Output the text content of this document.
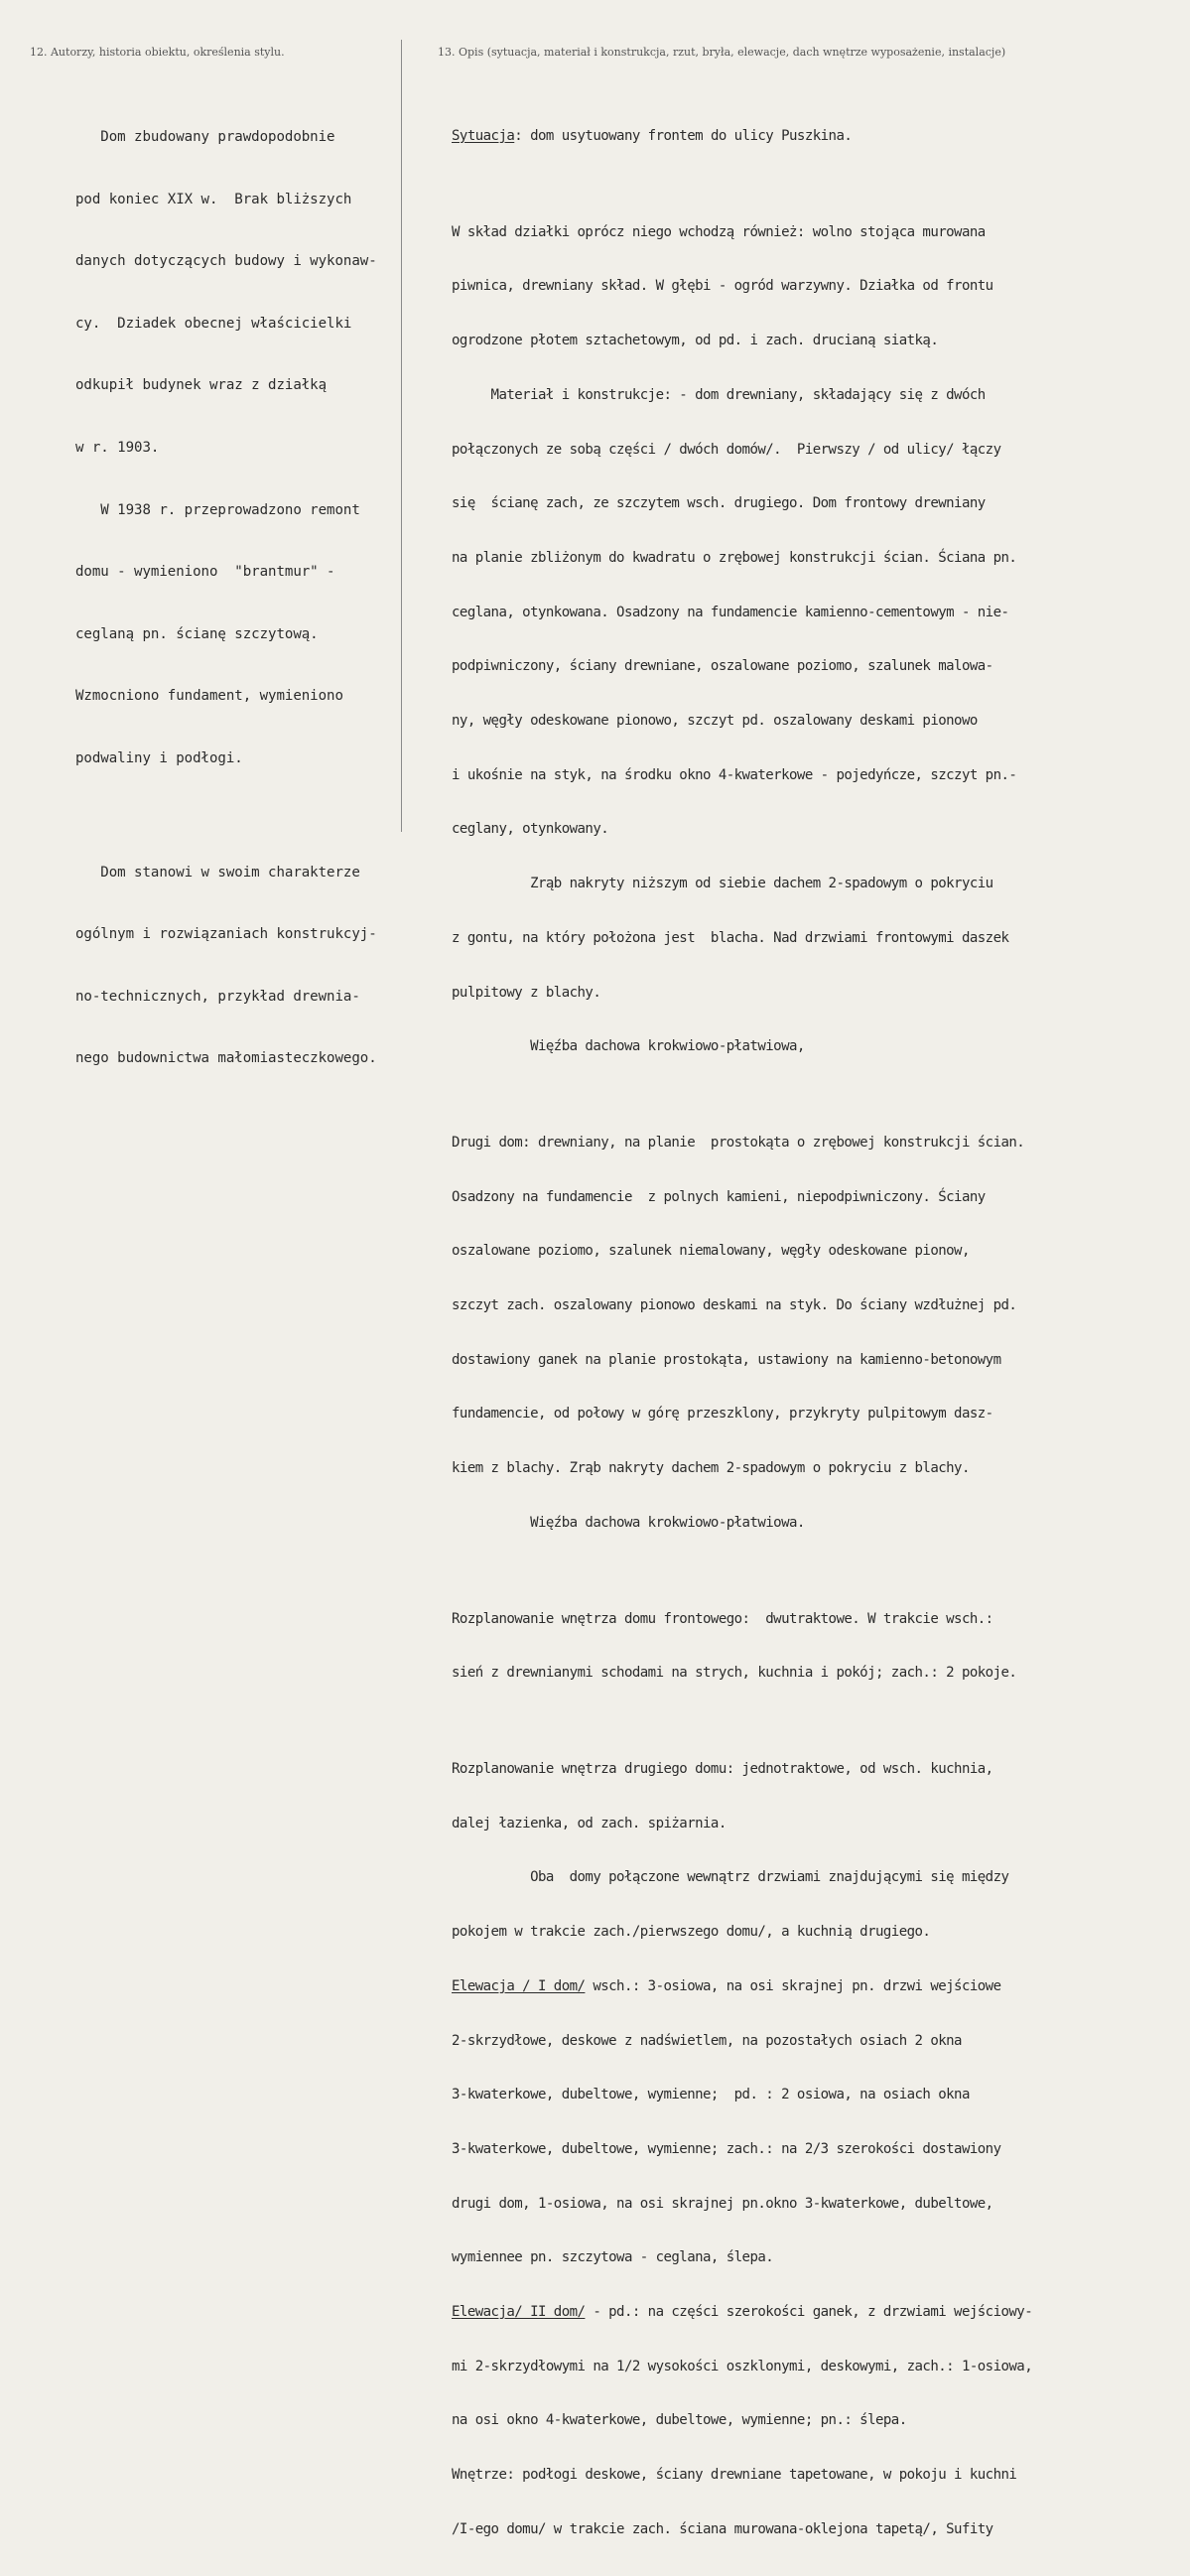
12. Autorzy, historia obiektu, określenia stylu.	13. Opis (sytuacja, materiał i konstrukcja, rzut, bryła, elewacje, dach wnętrze wyposażenie, instalacje)

Dom zbudowany prawdopodobnie

pod koniec XIX w.  Brak bliższych

danych dotyczących budowy i wykonaw-

cy.  Dziadek obecnej właścicielki

odkupił budynek wraz z działką

w r. 1903.

W 1938 r. przeprowadzono remont

domu - wymieniono  "brantmur" -

ceglaną pn. ścianę szczytową.

Wzmocniono fundament, wymieniono

podwaliny i podłogi.

Dom stanowi w swoim charakterze

ogólnym i rozwiązaniach konstrukcyj-

no-technicznych, przykład drewnia-

nego budownictwa małomiasteczkowego.

Sytuacja: dom usytuowany frontem do ulicy Puszkina.

W skład działki oprócz niego wchodzą również: wolno stojąca murowana

piwnica, drewniany skład. W głębi - ogród warzywny. Działka od frontu

ogrodzone płotem sztachetowym, od pd. i zach. drucianą siatką.

Materiał i konstrukcje: - dom drewniany, składający się z dwóch

połączonych ze sobą części / dwóch domów/.  Pierwszy / od ulicy/ łączy

się  ścianę zach, ze szczytem wsch. drugiego. Dom frontowy drewniany

na planie zbliżonym do kwadratu o zrębowej konstrukcji ścian. Ściana pn.

ceglana, otynkowana. Osadzony na fundamencie kamienno-cementowym - nie-

podpiwniczony, ściany drewniane, oszalowane poziomo, szalunek malowa-

ny, węgły odeskowane pionowo, szczyt pd. oszalowany deskami pionowo

i ukośnie na styk, na środku okno 4-kwaterkowe - pojedyńcze, szczyt pn.-

ceglany, otynkowany.

Zrąb nakryty niższym od siebie dachem 2-spadowym o pokryciu

z gontu, na który położona jest  blacha. Nad drzwiami frontowymi daszek

pulpitowy z blachy.

Więźba dachowa krokwiowo-płatwiowa,

Drugi dom: drewniany, na planie  prostokąta o zrębowej konstrukcji ścian.

Osadzony na fundamencie  z polnych kamieni, niepodpiwniczony. Ściany

oszalowane poziomo, szalunek niemalowany, węgły odeskowane pionow,

szczyt zach. oszalowany pionowo deskami na styk. Do ściany wzdłużnej pd.

dostawiony ganek na planie prostokąta, ustawiony na kamienno-betonowym

fundamencie, od połowy w górę przeszklony, przykryty pulpitowym dasz-

kiem z blachy. Zrąb nakryty dachem 2-spadowym o pokryciu z blachy.

Więźba dachowa krokwiowo-płatwiowa.

Rozplanowanie wnętrza domu frontowego:  dwutraktowe. W trakcie wsch.:

sień z drewnianymi schodami na strych, kuchnia i pokój; zach.: 2 pokoje.

Rozplanowanie wnętrza drugiego domu: jednotraktowe, od wsch. kuchnia,

dalej łazienka, od zach. spiżarnia.

Oba  domy połączone wewnątrz drzwiami znajdującymi się między

pokojem w trakcie zach./pierwszego domu/, a kuchnią drugiego.

Elewacja / I dom/ wsch.: 3-osiowa, na osi skrajnej pn. drzwi wejściowe

2-skrzydłowe, deskowe z nadświetlem, na pozostałych osiach 2 okna

3-kwaterkowe, dubeltowe, wymienne;  pd. : 2 osiowa, na osiach okna

3-kwaterkowe, dubeltowe, wymienne; zach.: na 2/3 szerokości dostawiony

drugi dom, 1-osiowa, na osi skrajnej pn.okno 3-kwaterkowe, dubeltowe,

wymiennee pn. szczytowa - ceglana, ślepa.

Elewacja/ II dom/ - pd.: na części szerokości ganek, z drzwiami wejściowy-

mi 2-skrzydłowymi na 1/2 wysokości oszklonymi, deskowymi, zach.: 1-osiowa,

na osi okno 4-kwaterkowe, dubeltowe, wymienne; pn.: ślepa.

Wnętrze: podłogi deskowe, ściany drewniane tapetowane, w pokoju i kuchni

/I-ego domu/ w trakcie zach. ściana murowana-oklejona tapetą/, Sufity
